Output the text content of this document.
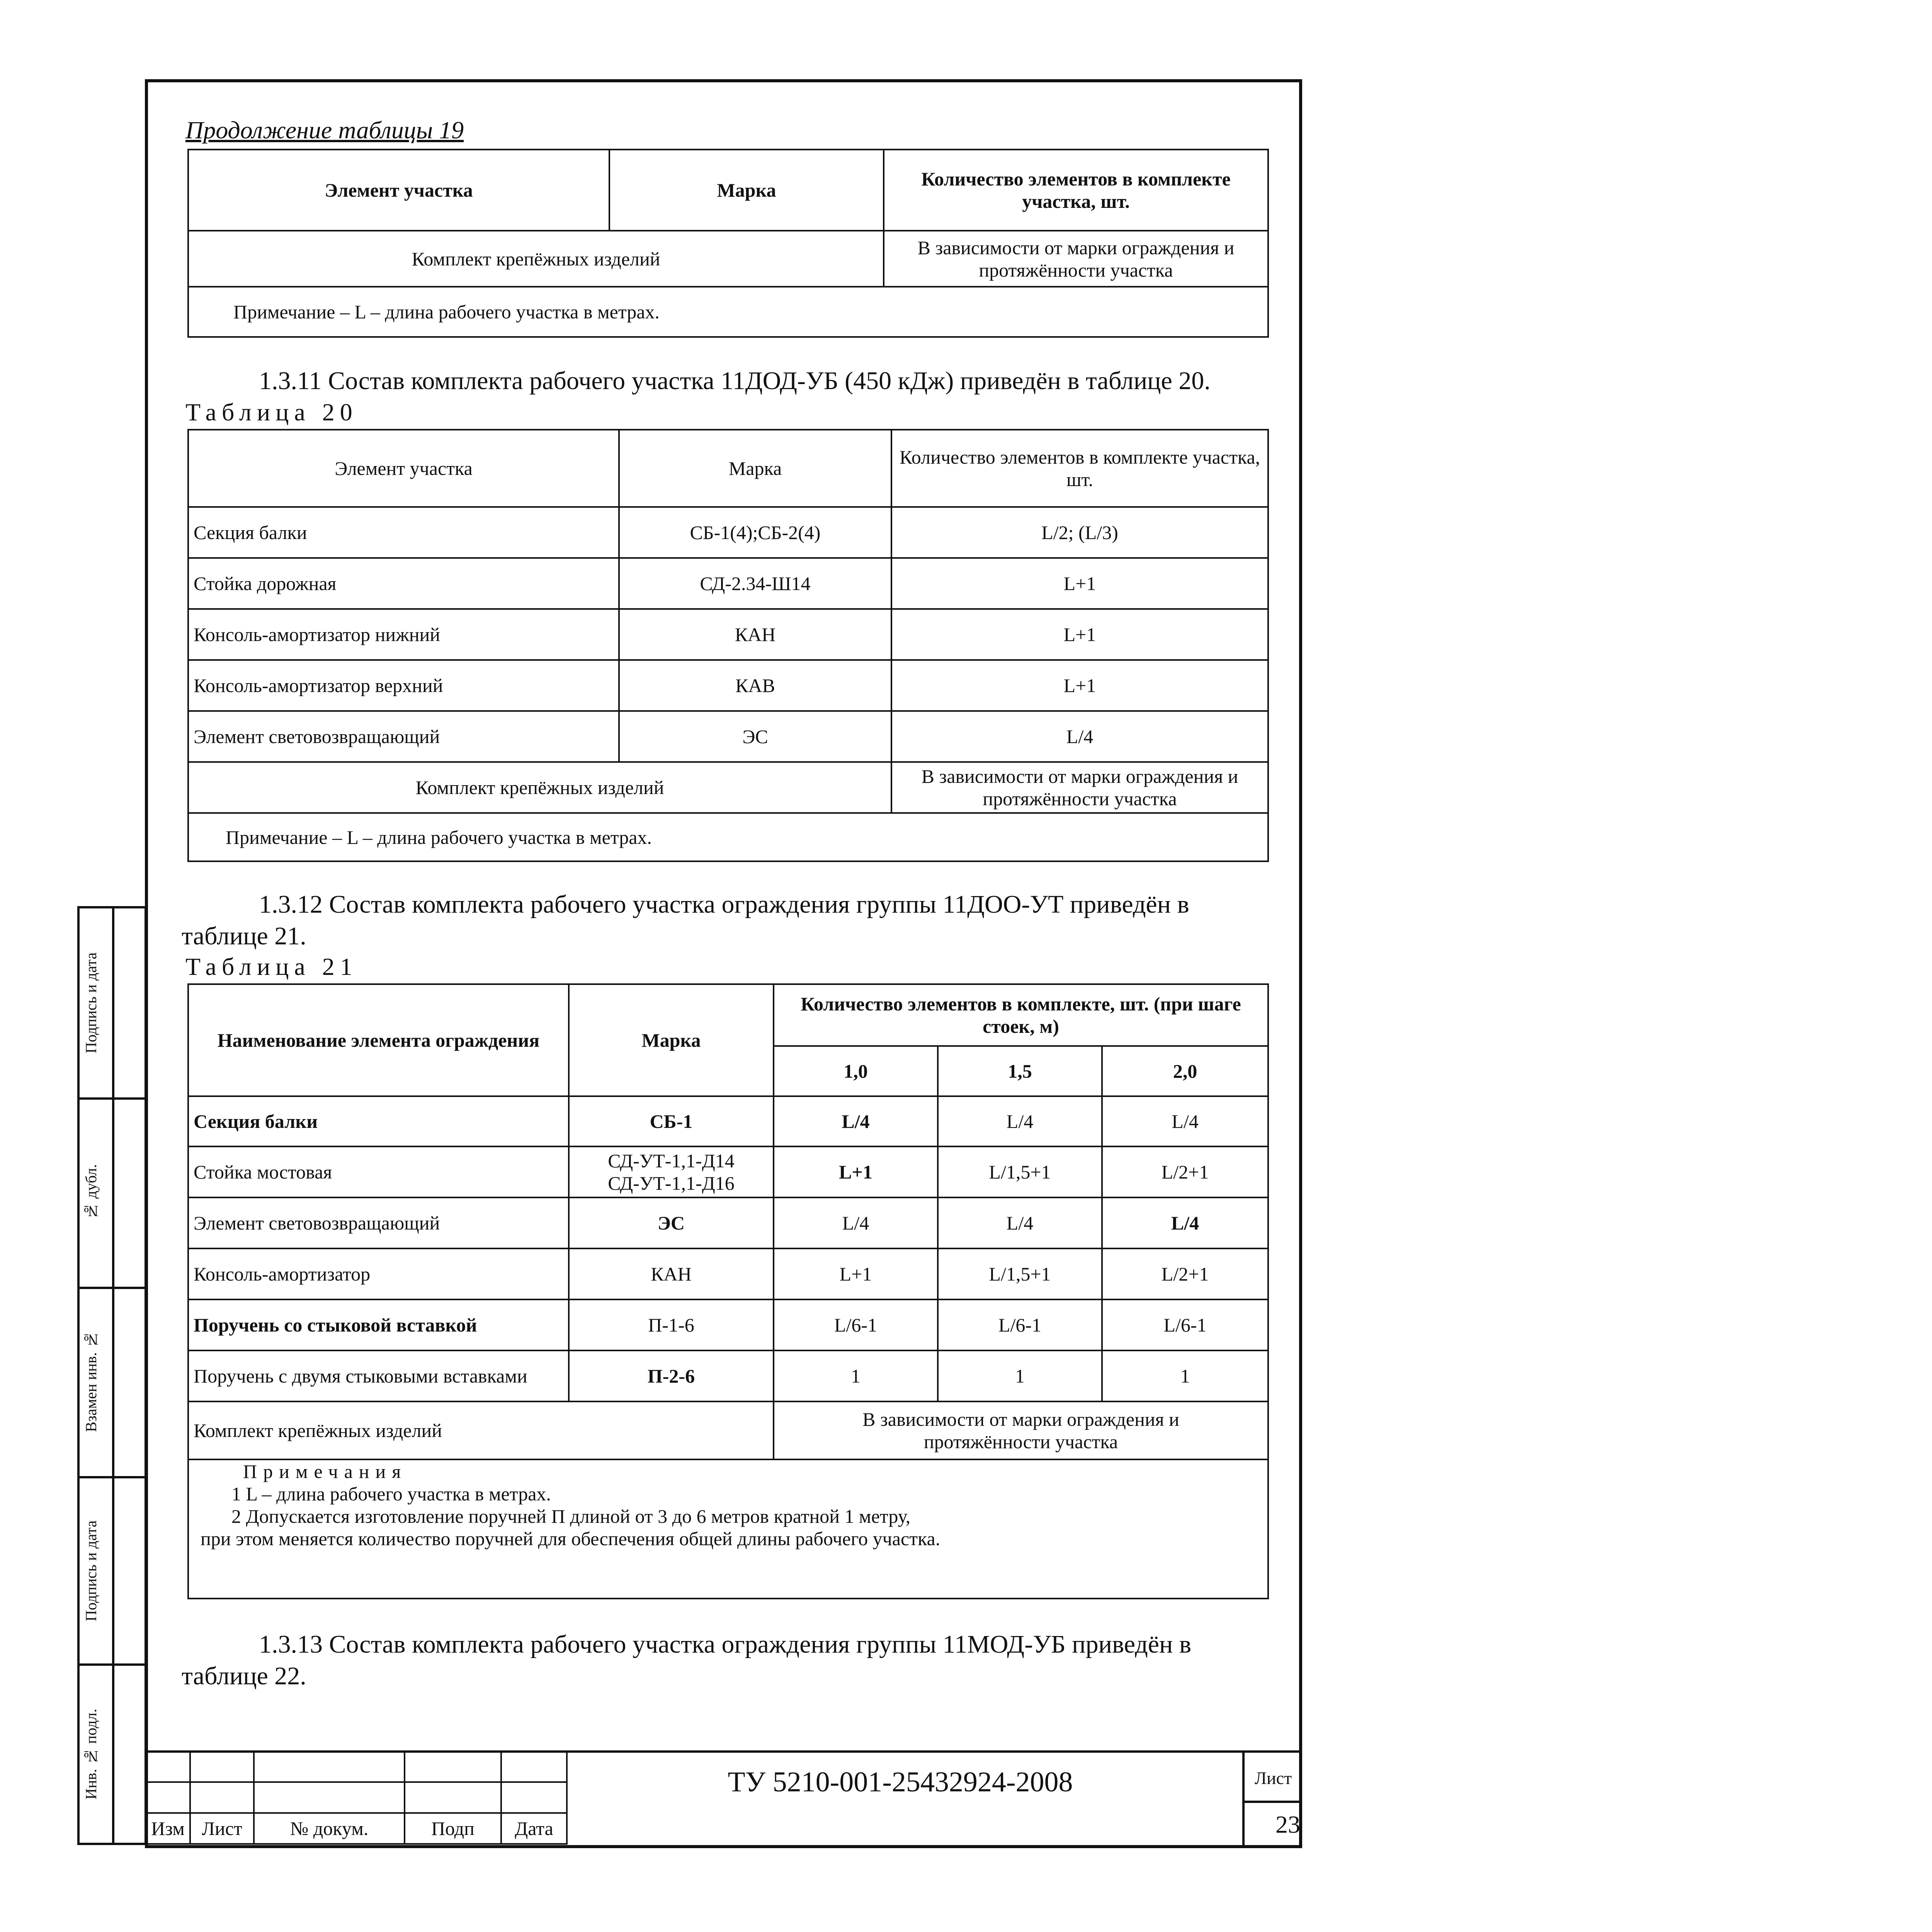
Подпись и дата
№ дубл.
Взамен инв. №
Подпись и дата
Инв. № подл.
Продолжение таблицы 19
Элемент участка	Марка	Количество элементов в комплекте участка, шт.
Комплект крепёжных изделий		В зависимости от марки ограждения и протяжённости участка
Примечание – L – длина рабочего участка в метрах.		
1.3.11 Состав комплекта рабочего участка 11ДОД-УБ (450 кДж) приведён в таблице 20.
Таблица 20
Элемент участка	Марка	Количество элементов в комплекте участка, шт.
Секция балки	СБ-1(4);СБ-2(4)	L/2; (L/3)
Стойка дорожная	СД-2.34-Ш14	L+1
Консоль-амортизатор нижний	КАН	L+1
Консоль-амортизатор верхний	КАВ	L+1
Элемент световозвращающий	ЭС	L/4
Комплект крепёжных изделий		В зависимости от марки ограждения и протяжённости участка
Примечание – L – длина рабочего участка в метрах.		
1.3.12 Состав комплекта рабочего участка ограждения группы 11ДОО-УТ приведён в таблице 21.
Таблица 21
Наименование элемента ограждения	Марка	Количество элементов в комплекте, шт. (при шаге стоек, м)		
		1,0	1,5	2,0
Секция балки	СБ-1	L/4	L/4	L/4
Стойка мостовая	СД-УТ-1,1-Д14 СД-УТ-1,1-Д16	L+1	L/1,5+1	L/2+1
Элемент световозвращающий	ЭС	L/4	L/4	L/4
Консоль-амортизатор	КАН	L+1	L/1,5+1	L/2+1
Поручень со стыковой вставкой	П-1-6	L/6-1	L/6-1	L/6-1
Поручень с двумя стыковыми вставками	П-2-6	1	1	1
Комплект крепёжных изделий		В зависимости от марки ограждения и протяжённости участка		

Примечания
1 L – длина рабочего участка в метрах.
2 Допускается изготовление поручней П длиной от 3 до 6 метров кратной 1 метру,
при этом меняется количество поручней для обеспечения общей длины рабочего участка.				
1.3.13 Состав комплекта рабочего участка ограждения группы 11МОД-УБ приведён в таблице 22.

Изм	Лист	№ докум.	Подп	Дата
ТУ 5210-001-25432924-2008	Лист
23
